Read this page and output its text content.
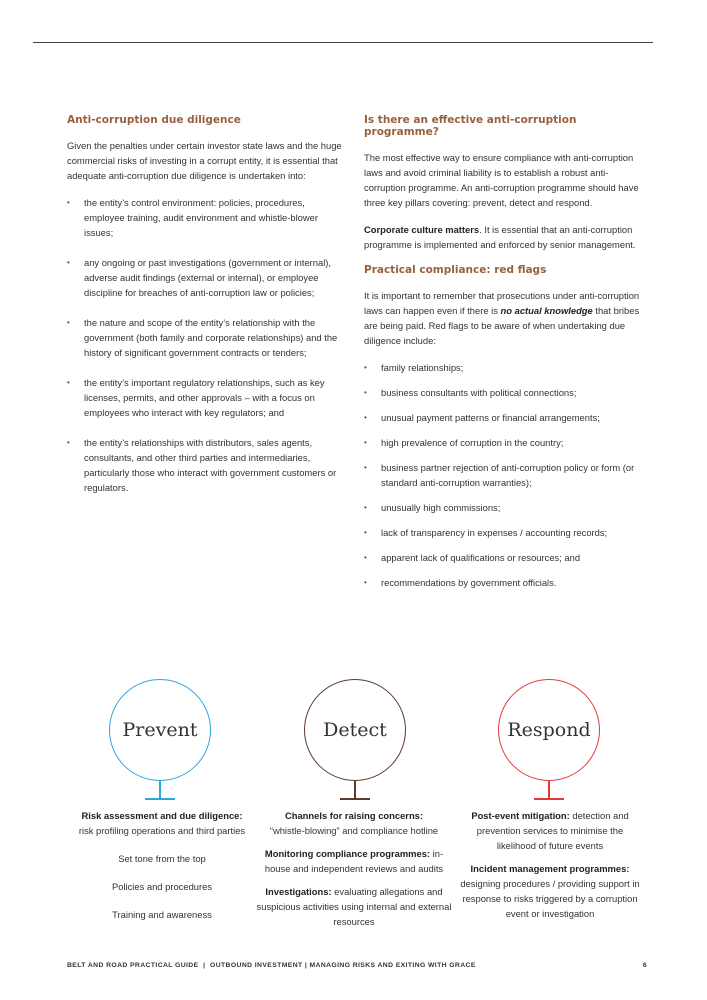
Anti-corruption due diligence

Given the penalties under certain investor state laws and the huge commercial risks of investing in a corrupt entity, it is essential that adequate anti-corruption due diligence is undertaken into:

• the entity’s control environment: policies, procedures, employee training, audit environment and whistle-blower issues;
• any ongoing or past investigations (government or internal), adverse audit findings (external or internal), or employee discipline for breaches of anti-corruption law or policies;
• the nature and scope of the entity’s relationship with the government (both family and corporate relationships) and the history of significant government contracts or tenders;
• the entity’s important regulatory relationships, such as key licenses, permits, and other approvals – with a focus on employees who interact with key regulators; and
• the entity’s relationships with distributors, sales agents, consultants, and other third parties and intermediaries, particularly those who interact with government customers or regulators.
Is there an effective anti-corruption programme?

The most effective way to ensure compliance with anti-corruption laws and avoid criminal liability is to establish a robust anti-corruption programme. An anti-corruption programme should have three key pillars covering: prevent, detect and respond.

Corporate culture matters. It is essential that an anti-corruption programme is implemented and enforced by senior management.

Practical compliance: red flags

It is important to remember that prosecutions under anti-corruption laws can happen even if there is no actual knowledge that bribes are being paid. Red flags to be aware of when undertaking due diligence include:

• family relationships;
• business consultants with political connections;
• unusual payment patterns or financial arrangements;
• high prevalence of corruption in the country;
• business partner rejection of anti-corruption policy or form (or standard anti-corruption warranties);
• unusually high commissions;
• lack of transparency in expenses / accounting records;
• apparent lack of qualifications or resources; and
• recommendations by government officials.
Prevent	Detect	Respond
Risk assessment and due diligence:
risk profiling operations and third parties
Set tone from the top
Policies and procedures
Training and awareness
Channels for raising concerns:
“whistle-blowing” and compliance hotline
Monitoring compliance programmes: in-house and independent reviews and audits
Investigations: evaluating allegations and suspicious activities using internal and external resources
Post-event mitigation: detection and prevention services to minimise the likelihood of future events
Incident management programmes:
designing procedures / providing support in response to risks triggered by a corruption event or investigation
BELT AND ROAD PRACTICAL GUIDE  |  OUTBOUND INVESTMENT | MANAGING RISKS AND EXITING WITH GRACE	6
